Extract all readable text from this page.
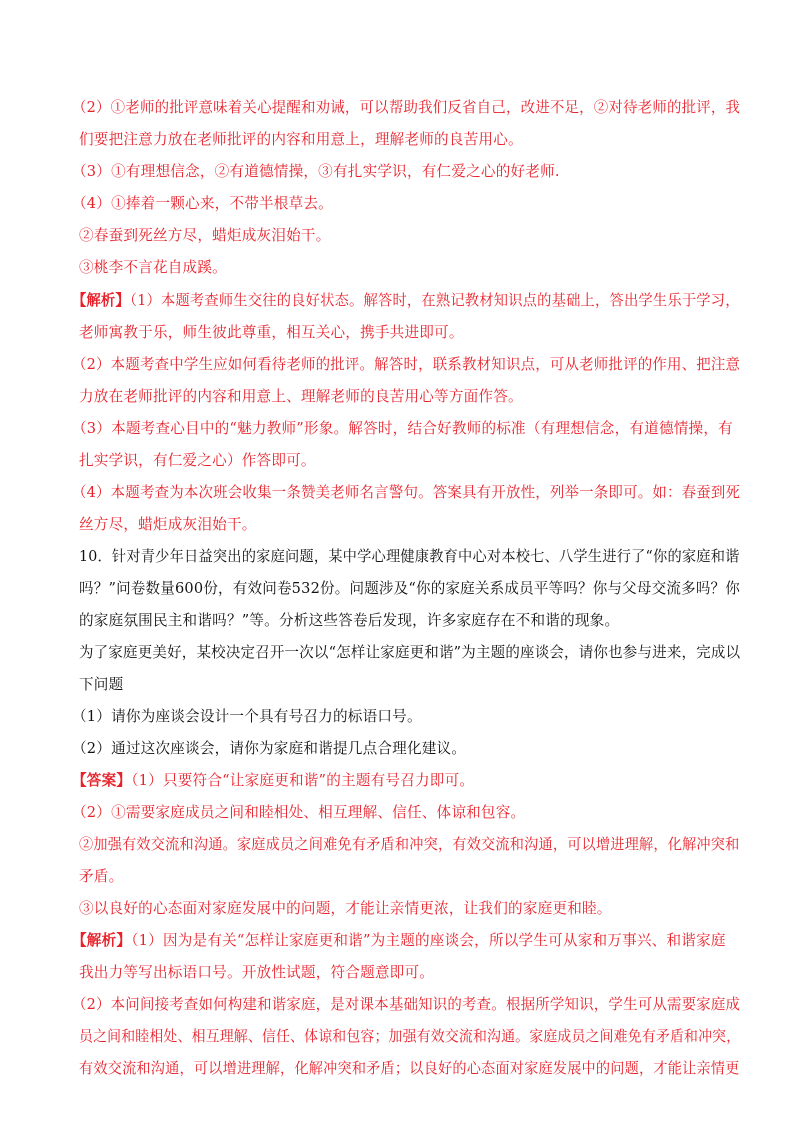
（2）①老师的批评意味着关心提醒和劝诫，可以帮助我们反省自己，改进不足，②对待老师的批评，我
们要把注意力放在老师批评的内容和用意上，理解老师的良苦用心。
（3）①有理想信念，②有道德情操，③有扎实学识，有仁爱之心的好老师.
（4）①捧着一颗心来，不带半根草去。
②春蚕到死丝方尽，蜡炬成灰泪始干。
③桃李不言花自成蹊。
【解析】（1）本题考查师生交往的良好状态。解答时，在熟记教材知识点的基础上，答出学生乐于学习，
老师寓教于乐，师生彼此尊重，相互关心，携手共进即可。
（2）本题考查中学生应如何看待老师的批评。解答时，联系教材知识点，可从老师批评的作用、把注意
力放在老师批评的内容和用意上、理解老师的良苦用心等方面作答。
（3）本题考查心目中的“魅力教师”形象。解答时，结合好教师的标准（有理想信念，有道德情操，有
扎实学识，有仁爱之心）作答即可。
（4）本题考查为本次班会收集一条赞美老师名言警句。答案具有开放性，列举一条即可。如：春蚕到死
丝方尽，蜡炬成灰泪始干。
10．针对青少年日益突出的家庭问题，某中学心理健康教育中心对本校七、八学生进行了“你的家庭和谐
吗？”问卷数量600份，有效问卷532份。问题涉及“你的家庭关系成员平等吗？你与父母交流多吗？你
的家庭氛围民主和谐吗？”等。分析这些答卷后发现，许多家庭存在不和谐的现象。
为了家庭更美好，某校决定召开一次以“怎样让家庭更和谐”为主题的座谈会，请你也参与进来，完成以
下问题
（1）请你为座谈会设计一个具有号召力的标语口号。
（2）通过这次座谈会，请你为家庭和谐提几点合理化建议。
【答案】（1）只要符合“让家庭更和谐”的主题有号召力即可。
（2）①需要家庭成员之间和睦相处、相互理解、信任、体谅和包容。
②加强有效交流和沟通。家庭成员之间难免有矛盾和冲突，有效交流和沟通，可以增进理解，化解冲突和
矛盾。
③以良好的心态面对家庭发展中的问题，才能让亲情更浓，让我们的家庭更和睦。
【解析】（1）因为是有关“怎样让家庭更和谐”为主题的座谈会，所以学生可从家和万事兴、和谐家庭
我出力等写出标语口号。开放性试题，符合题意即可。
（2）本问间接考查如何构建和谐家庭，是对课本基础知识的考查。根据所学知识，学生可从需要家庭成
员之间和睦相处、相互理解、信任、体谅和包容；加强有效交流和沟通。家庭成员之间难免有矛盾和冲突，
有效交流和沟通，可以增进理解，化解冲突和矛盾；以良好的心态面对家庭发展中的问题，才能让亲情更
